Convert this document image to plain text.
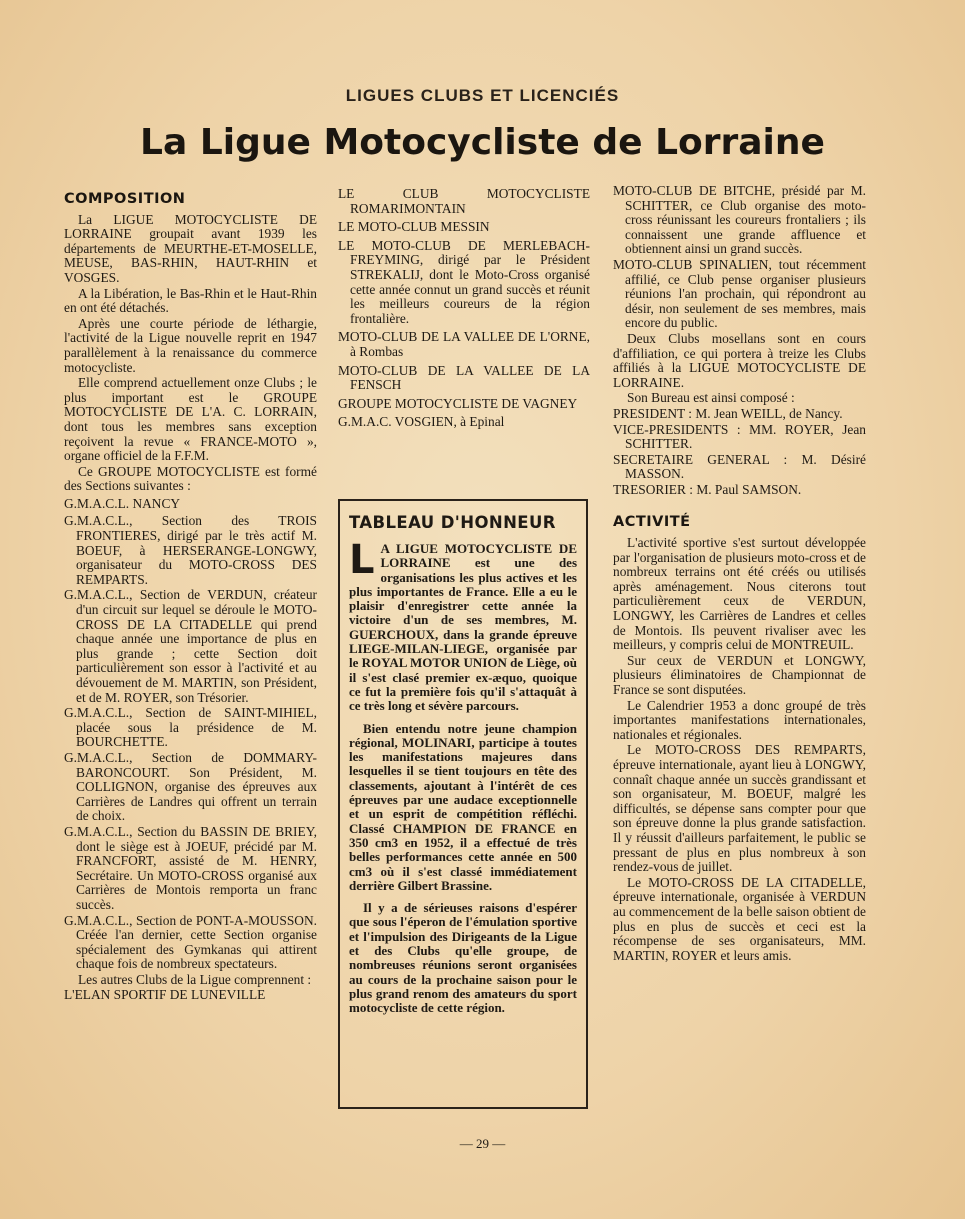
LIGUES CLUBS ET LICENCIÉS
La Ligue Motocycliste de Lorraine
COMPOSITION

La LIGUE MOTOCYCLISTE DE LORRAINE groupait avant 1939 les départements de MEURTHE-ET-MOSELLE, MEUSE, BAS-RHIN, HAUT-RHIN et VOSGES.

A la Libération, le Bas-Rhin et le Haut-Rhin en ont été détachés.

Après une courte période de léthargie, l'activité de la Ligue nouvelle reprit en 1947 parallèlement à la renaissance du commerce motocycliste.

Elle comprend actuellement onze Clubs ; le plus important est le GROUPE MOTOCYCLISTE DE L'A. C. LORRAIN, dont tous les membres sans exception reçoivent la revue « FRANCE-MOTO », organe officiel de la F.F.M.

Ce GROUPE MOTOCYCLISTE est formé des Sections suivantes :

G.M.A.C.L. NANCY

G.M.A.C.L., Section des TROIS FRONTIERES, dirigé par le très actif M. BOEUF, à HERSERANGE-LONGWY, organisateur du MOTO-CROSS DES REMPARTS.

G.M.A.C.L., Section de VERDUN, créateur d'un circuit sur lequel se déroule le MOTO-CROSS DE LA CITADELLE qui prend chaque année une importance de plus en plus grande ; cette Section doit particulièrement son essor à l'activité et au dévouement de M. MARTIN, son Président, et de M. ROYER, son Trésorier.

G.M.A.C.L., Section de SAINT-MIHIEL, placée sous la présidence de M. BOURCHETTE.

G.M.A.C.L., Section de DOMMARY-BARONCOURT. Son Président, M. COLLIGNON, organise des épreuves aux Carrières de Landres qui offrent un terrain de choix.

G.M.A.C.L., Section du BASSIN DE BRIEY, dont le siège est à JOEUF, précidé par M. FRANCFORT, assisté de M. HENRY, Secrétaire. Un MOTO-CROSS organisé aux Carrières de Montois remporta un franc succès.

G.M.A.C.L., Section de PONT-A-MOUSSON. Créée l'an dernier, cette Section organise spécialement des Gymkanas qui attirent chaque fois de nombreux spectateurs.

Les autres Clubs de la Ligue comprennent :

L'ELAN SPORTIF DE LUNEVILLE

LE CLUB MOTOCYCLISTE ROMARIMONTAIN

LE MOTO-CLUB MESSIN

LE MOTO-CLUB DE MERLEBACH-FREYMING, dirigé par le Président STREKALIJ, dont le Moto-Cross organisé cette année connut un grand succès et réunit les meilleurs coureurs de la région frontalière.

MOTO-CLUB DE LA VALLEE DE L'ORNE, à Rombas

MOTO-CLUB DE LA VALLEE DE LA FENSCH

GROUPE MOTOCYCLISTE DE VAGNEY

G.M.A.C. VOSGIEN, à Epinal

TABLEAU D'HONNEUR

L A LIGUE MOTOCYCLISTE DE LORRAINE est une des organisations les plus actives et les plus importantes de France. Elle a eu le plaisir d'enregistrer cette année la victoire d'un de ses membres, M. GUERCHOUX, dans la grande épreuve LIEGE-MILAN-LIEGE, organisée par le ROYAL MOTOR UNION de Liège, où il s'est clasé premier ex-æquo, quoique ce fut la première fois qu'il s'attaquât à ce très long et sévère parcours.

Bien entendu notre jeune champion régional, MOLINARI, participe à toutes les manifestations majeures dans lesquelles il se tient toujours en tête des classements, ajoutant à l'intérêt de ces épreuves par une audace exceptionnelle et un esprit de compétition réfléchi. Classé CHAMPION DE FRANCE en 350 cm3 en 1952, il a effectué de très belles performances cette année en 500 cm3 où il s'est classé immédiatement derrière Gilbert Brassine.

Il y a de sérieuses raisons d'espérer que sous l'éperon de l'émulation sportive et l'impulsion des Dirigeants de la Ligue et des Clubs qu'elle groupe, de nombreuses réunions seront organisées au cours de la prochaine saison pour le plus grand renom des amateurs du sport motocycliste de cette région.

MOTO-CLUB DE BITCHE, présidé par M. SCHITTER, ce Club organise des moto-cross réunissant les coureurs frontaliers ; ils connaissent une grande affluence et obtiennent ainsi un grand succès.

MOTO-CLUB SPINALIEN, tout récemment affilié, ce Club pense organiser plusieurs réunions l'an prochain, qui répondront au désir, non seulement de ses membres, mais encore du public.

Deux Clubs mosellans sont en cours d'affiliation, ce qui portera à treize les Clubs affiliés à la LIGUE MOTOCYCLISTE DE LORRAINE.

Son Bureau est ainsi composé :

PRESIDENT : M. Jean WEILL, de Nancy.

VICE-PRESIDENTS : MM. ROYER, Jean SCHITTER.

SECRETAIRE GENERAL : M. Désiré MASSON.

TRESORIER : M. Paul SAMSON.

ACTIVITÉ

L'activité sportive s'est surtout développée par l'organisation de plusieurs moto-cross et de nombreux terrains ont été créés ou utilisés après aménagement. Nous citerons tout particulièrement ceux de VERDUN, LONGWY, les Carrières de Landres et celles de Montois. Ils peuvent rivaliser avec les meilleurs, y compris celui de MONTREUIL.

Sur ceux de VERDUN et LONGWY, plusieurs éliminatoires de Championnat de France se sont disputées.

Le Calendrier 1953 a donc groupé de très importantes manifestations internationales, nationales et régionales.

Le MOTO-CROSS DES REMPARTS, épreuve internationale, ayant lieu à LONGWY, connaît chaque année un succès grandissant et son organisateur, M. BOEUF, malgré les difficultés, se dépense sans compter pour que son épreuve donne la plus grande satisfaction. Il y réussit d'ailleurs parfaitement, le public se pressant de plus en plus nombreux à son rendez-vous de juillet.

Le MOTO-CROSS DE LA CITADELLE, épreuve internationale, organisée à VERDUN au commencement de la belle saison obtient de plus en plus de succès et ceci est la récompense de ses organisateurs, MM. MARTIN, ROYER et leurs amis.

— 29 —
